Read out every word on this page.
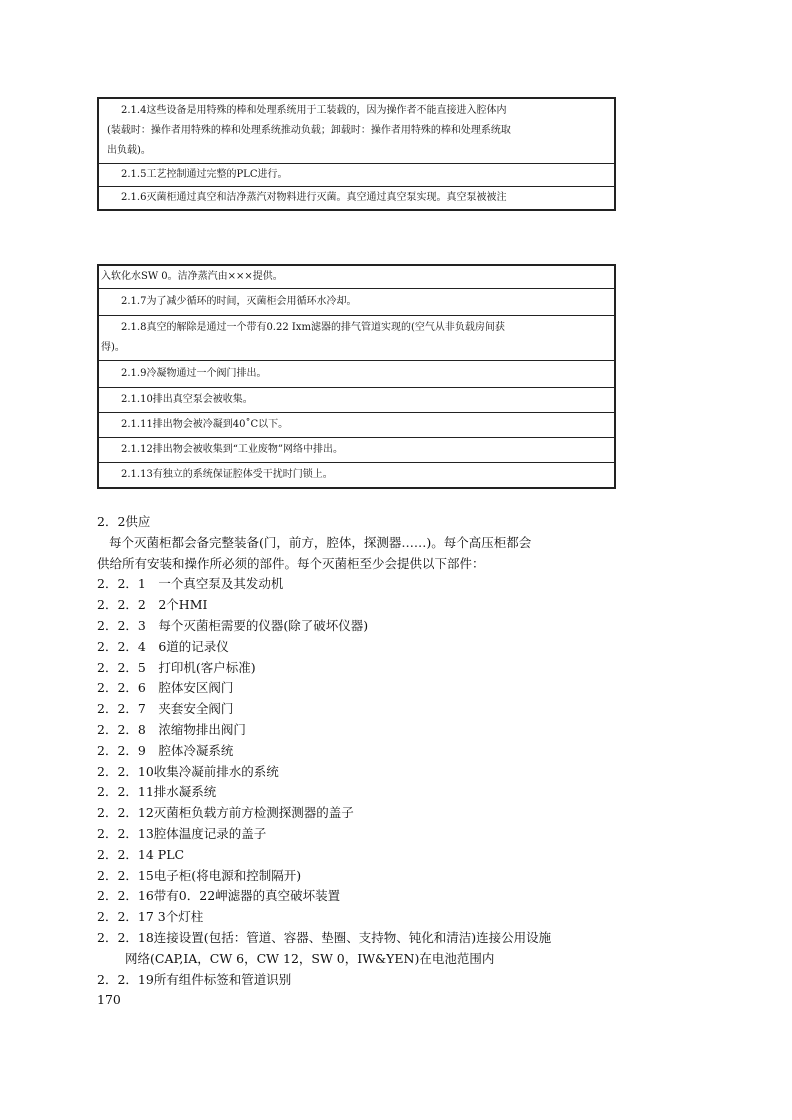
2.1.4这些设备是用特殊的棒和处理系统用于工装载的，因为操作者不能直接进入腔体内
(装载时：操作者用特殊的棒和处理系统推动负载；卸载时：操作者用特殊的棒和处理系统取
出负载)。
2.1.5工艺控制通过完整的PLC进行。
2.1.6灭菌柜通过真空和洁净蒸汽对物料进行灭菌。真空通过真空泵实现。真空泵被被注
入软化水SW 0。洁净蒸汽由×××提供。
2.1.7为了减少循环的时间，灭菌柜会用循环水冷却。
2.1.8真空的解除是通过一个带有0.22 Ixm滤器的排气管道实现的(空气从非负载房间获
得)。
2.1.9冷凝物通过一个阀门排出。
2.1.10排出真空泵会被收集。
2.1.11排出物会被冷凝到40˚C以下。
2.1.12排出物会被收集到“工业废物”网络中排出。
2.1.13有独立的系统保证腔体受干扰时门锁上。
2．2供应
每个灭菌柜都会备完整装备(门，前方，腔体，探测器……)。每个高压柜都会
供给所有安装和操作所必须的部件。每个灭菌柜至少会提供以下部件：
2．2．1　一个真空泵及其发动机
2．2．2　2个HMI
2．2．3　每个灭菌柜需要的仪器(除了破坏仪器)
2．2．4　6道的记录仪
2．2．5　打印机(客户标准)
2．2．6　腔体安区阀门
2．2．7　夹套安全阀门
2．2．8　浓缩物排出阀门
2．2．9　腔体冷凝系统
2．2．10收集冷凝前排水的系统
2．2．11排水凝系统
2．2．12灭菌柜负载方前方检测探测器的盖子
2．2．13腔体温度记录的盖子
2．2．14 PLC
2．2．15电子柜(将电源和控制隔开)
2．2．16带有0．22岬滤器的真空破坏装置
2．2．17 3个灯柱
2．2．18连接设置(包括：管道、容器、垫圈、支持物、钝化和清洁)连接公用设施
网络(CAP,IA，CW 6，CW 12，SW 0，IW&YEN)在电池范围内
2．2．19所有组件标签和管道识别
170
